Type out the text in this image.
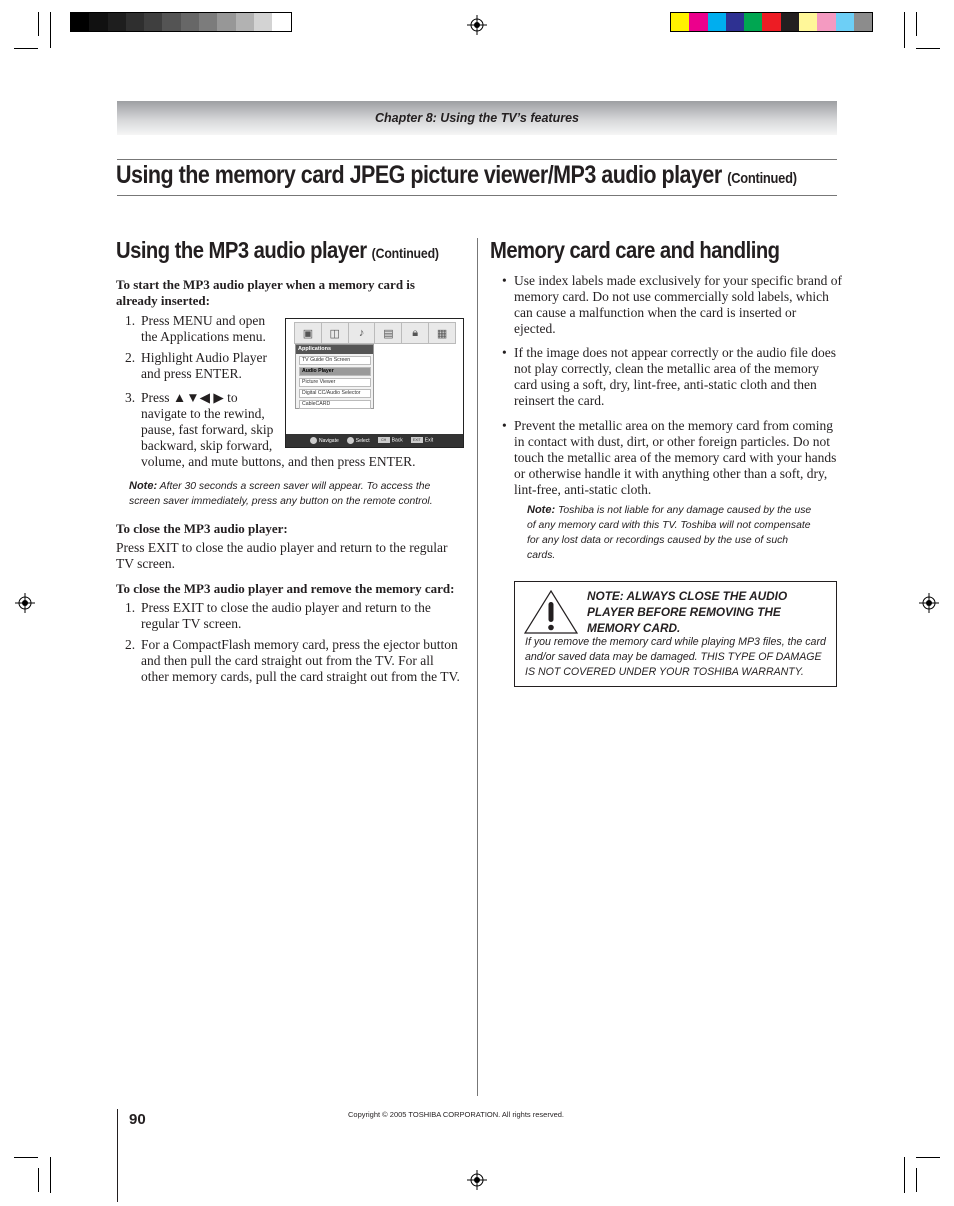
Chapter 8: Using the TV’s features
Using the memory card JPEG picture viewer/MP3 audio player (Continued)
Using the MP3 audio player (Continued)
To start the MP3 audio player when a memory card is already inserted:
1. Press MENU and open
the Applications menu.
2. Highlight Audio Player
and press ENTER.
3. Press ▲▼◀ ▶ to
navigate to the rewind,
pause, fast forward, skip
backward, skip forward,
volume, and mute buttons, and then press ENTER.
▣	◫	♪	▤	🔒︎	▦
Applications
TV Guide On Screen
Audio Player
Picture Viewer
Digital CC/Audio Selector
CableCARD
Navigate	Select	CH RTNBack	EXIT Exit
Note: After 30 seconds a screen saver will appear. To access the
screen saver immediately, press any button on the remote control.
To close the MP3 audio player:
Press EXIT to close the audio player and return to the regular
TV screen.
To close the MP3 audio player and remove the memory card:
1. Press EXIT to close the audio player and return to the
regular TV screen.
2. For a CompactFlash memory card, press the ejector button
and then pull the card straight out from the TV. For all
other memory cards, pull the card straight out from the TV.
Memory card care and handling
• Use index labels made exclusively for your specific brand of
memory card. Do not use commercially sold labels, which
can cause a malfunction when the card is inserted or
ejected.
• If the image does not appear correctly or the audio file does
not play correctly, clean the metallic area of the memory
card using a soft, dry, lint-free, anti-static cloth and then
reinsert the card.
• Prevent the metallic area on the memory card from coming
in contact with dust, dirt, or other foreign particles. Do not
touch the metallic area of the memory card with your hands
or otherwise handle it with anything other than a soft, dry,
lint-free, anti-static cloth.
Note: Toshiba is not liable for any damage caused by the use
of any memory card with this TV. Toshiba will not compensate
for any lost data or recordings caused by the use of such
cards.
NOTE: ALWAYS CLOSE THE AUDIO
PLAYER BEFORE REMOVING THE
MEMORY CARD.
If you remove the memory card while playing MP3 files, the card
and/or saved data may be damaged. THIS TYPE OF DAMAGE
IS NOT COVERED UNDER YOUR TOSHIBA WARRANTY.
90	Copyright © 2005 TOSHIBA CORPORATION. All rights reserved.
